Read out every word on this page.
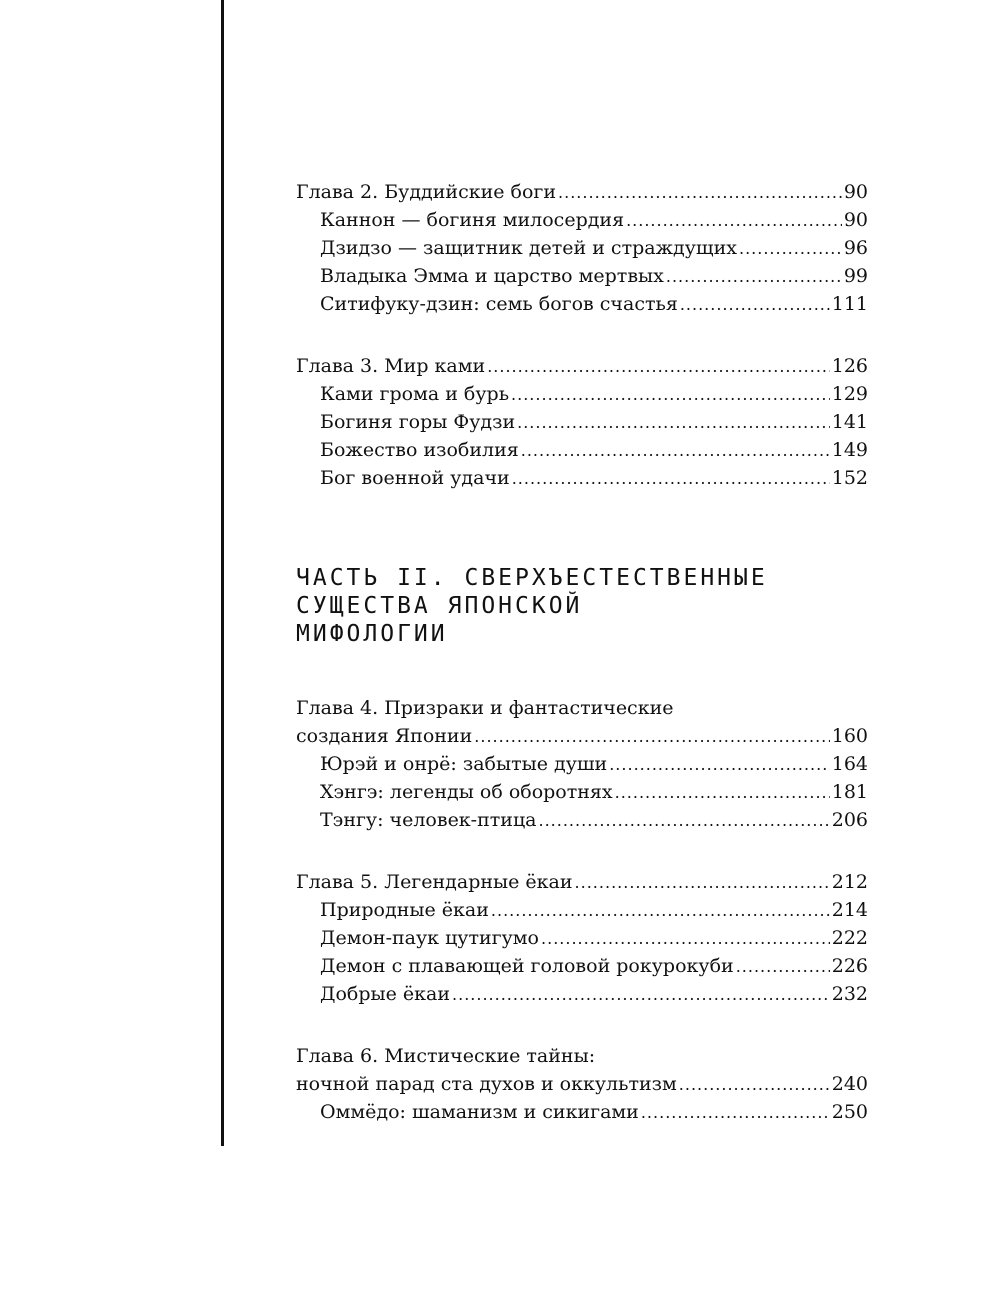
Глава 2. Буддийские боги .....	90
Каннон — богиня милосердия .....	90
Дзидзо — защитник детей и страждущих .....	96
Владыка Эмма и царство мертвых .....	99
Ситифуку-дзин: семь богов счастья .....	111
Глава 3. Мир ками .....	126
Ками грома и бурь .....	129
Богиня горы Фудзи .....	141
Божество изобилия .....	149
Бог военной удачи .....	152
ЧАСТЬ II. СВЕРХЪЕСТЕСТВЕННЫЕ
СУЩЕСТВА ЯПОНСКОЙ
МИФОЛОГИИ
Глава 4. Призраки и фантастические
создания Японии .....	160
Юрэй и онрё: забытые души .....	164
Хэнгэ: легенды об оборотнях .....	181
Тэнгу: человек-птица .....	206
Глава 5. Легендарные ёкаи .....	212
Природные ёкаи .....	214
Демон-паук цутигумо .....	222
Демон с плавающей головой рокурокуби .....	226
Добрые ёкаи .....	232
Глава 6. Мистические тайны:
ночной парад ста духов и оккультизм .....	240
Оммёдо: шаманизм и сикигами .....	250
